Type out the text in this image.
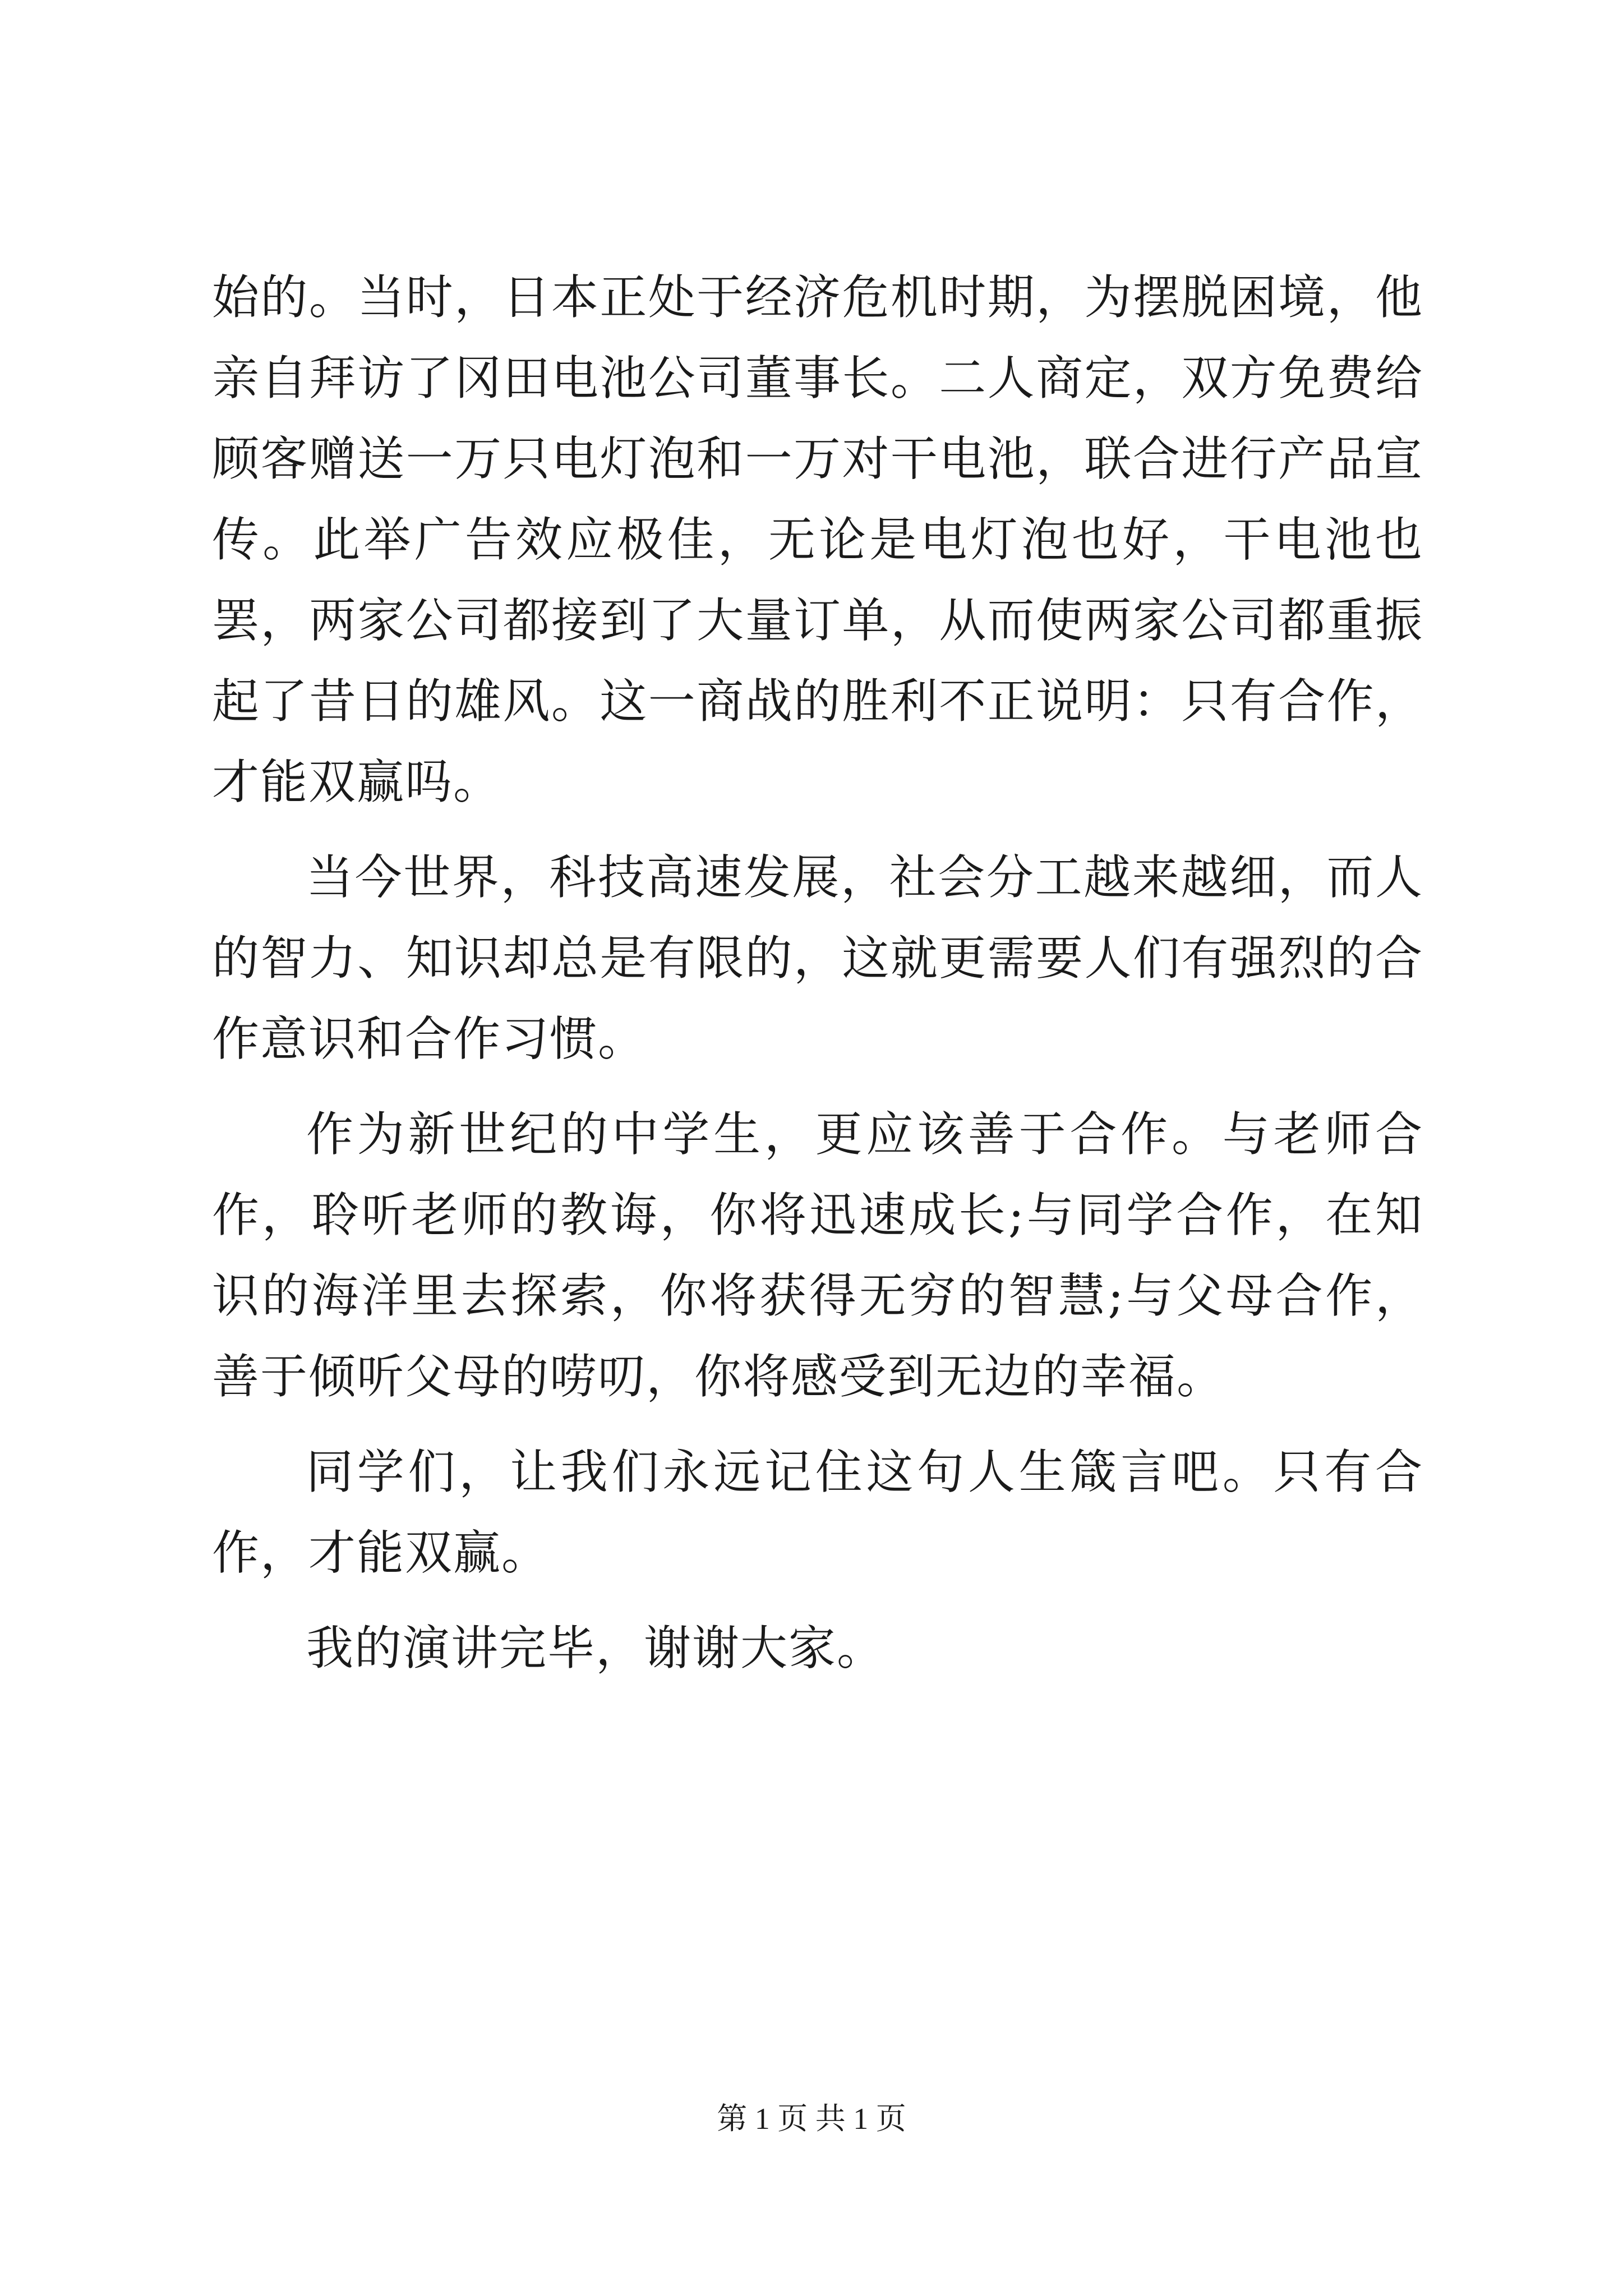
始的。当时，日本正处于经济危机时期，为摆脱困境，他亲自拜访了冈田电池公司董事长。二人商定，双方免费给顾客赠送一万只电灯泡和一万对干电池，联合进行产品宣传。此举广告效应极佳，无论是电灯泡也好，干电池也罢，两家公司都接到了大量订单，从而使两家公司都重振起了昔日的雄风。这一商战的胜利不正说明：只有合作，才能双赢吗。

当今世界，科技高速发展，社会分工越来越细，而人的智力、知识却总是有限的，这就更需要人们有强烈的合作意识和合作习惯。

作为新世纪的中学生，更应该善于合作。与老师合作，聆听老师的教诲，你将迅速成长;与同学合作，在知识的海洋里去探索，你将获得无穷的智慧;与父母合作，善于倾听父母的唠叨，你将感受到无边的幸福。

同学们，让我们永远记住这句人生箴言吧。只有合作，才能双赢。

我的演讲完毕，谢谢大家。

第 1 页 共 1 页
